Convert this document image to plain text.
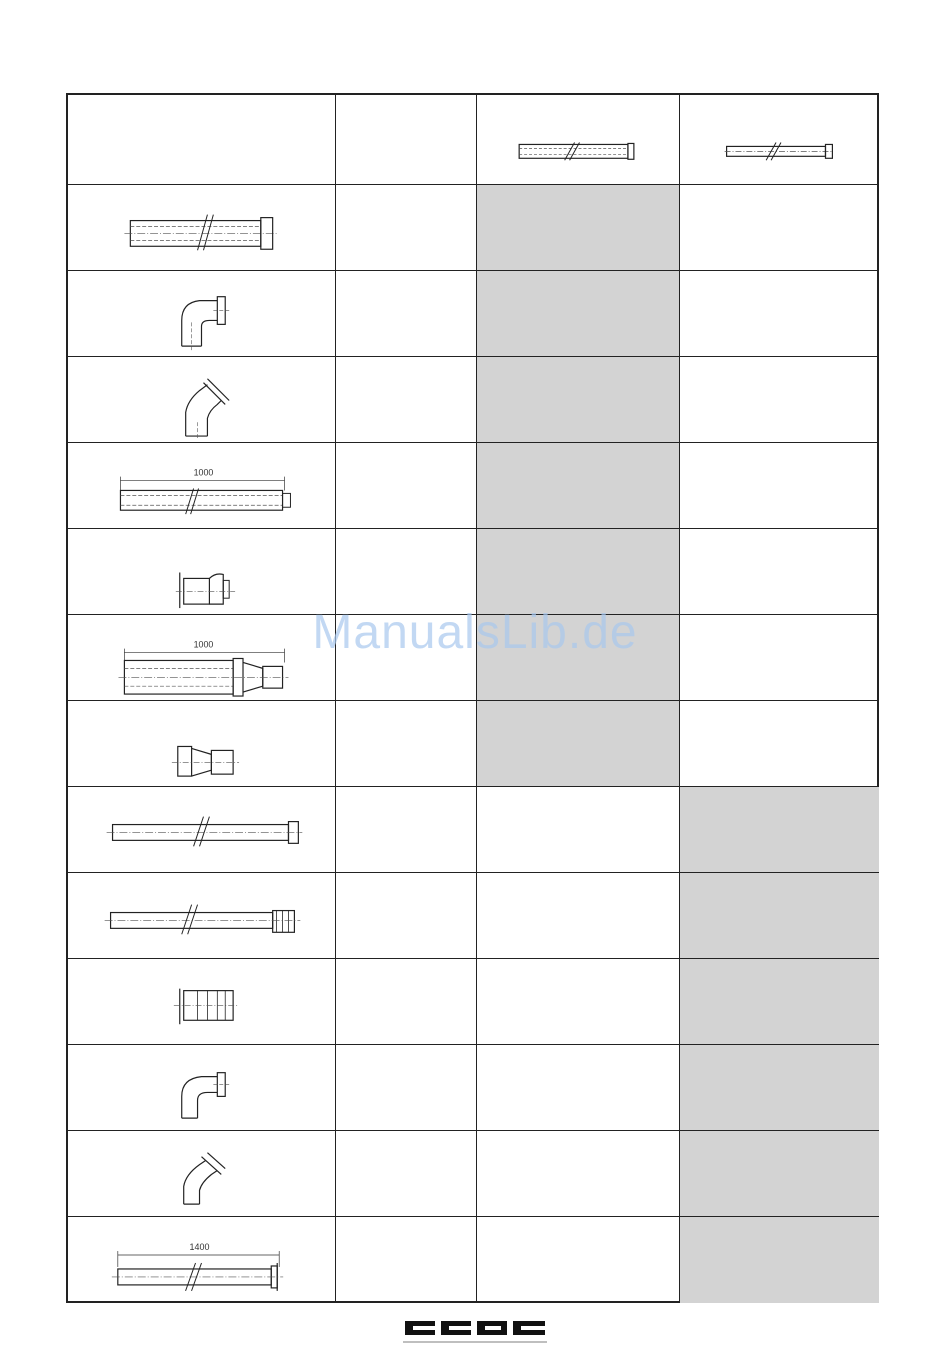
1000
1000
1400
ManualsLib.de
